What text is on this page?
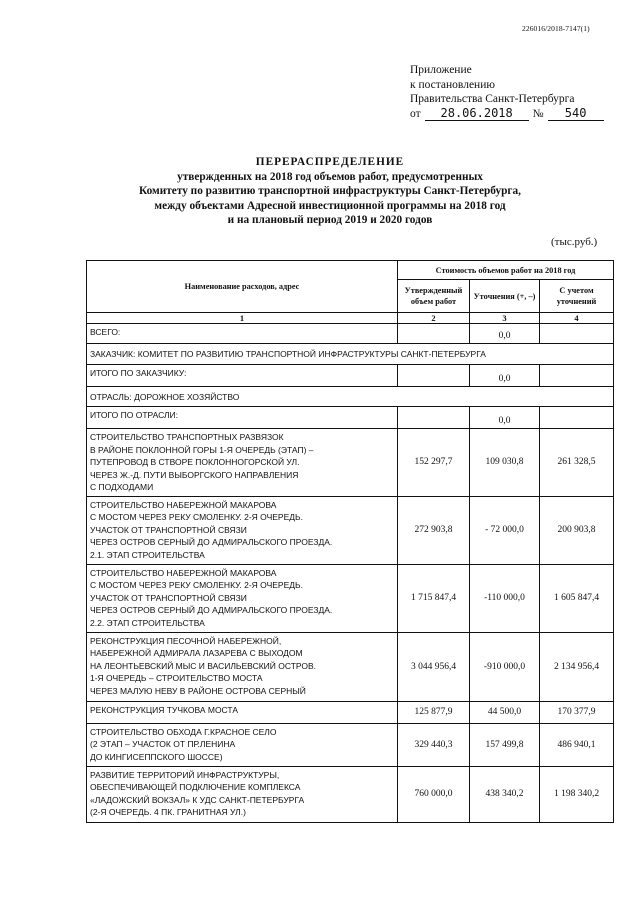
226016/2018-7147(1)
Приложение
к постановлению
Правительства Санкт-Петербурга
от 28.06.2018 № 540
ПЕРЕРАСПРЕДЕЛЕНИЕ
утвержденных на 2018 год объемов работ, предусмотренных
Комитету по развитию транспортной инфраструктуры Санкт-Петербурга,
между объектами Адресной инвестиционной программы на 2018 год
и на плановый период 2019 и 2020 годов
(тыс.руб.)
Наименование расходов, адрес	Стоимость объемов работ на 2018 год		
	Утвержденный объем работ	Уточнения (+, –)	С учетом уточнений
1	2	3	4
ВСЕГО:		0,0	
ЗАКАЗЧИК: КОМИТЕТ ПО РАЗВИТИЮ ТРАНСПОРТНОЙ ИНФРАСТРУКТУРЫ САНКТ-ПЕТЕРБУРГА			
ИТОГО ПО ЗАКАЗЧИКУ:		0,0	
ОТРАСЛЬ: ДОРОЖНОЕ ХОЗЯЙСТВО			
ИТОГО ПО ОТРАСЛИ:		0,0	

СТРОИТЕЛЬСТВО ТРАНСПОРТНЫХ РАЗВЯЗОК
В РАЙОНЕ ПОКЛОННОЙ ГОРЫ 1-Я ОЧЕРЕДЬ (ЭТАП) –
ПУТЕПРОВОД В СТВОРЕ ПОКЛОННОГОРСКОЙ УЛ.
ЧЕРЕЗ Ж.-Д. ПУТИ ВЫБОРГСКОГО НАПРАВЛЕНИЯ
С ПОДХОДАМИ	152 297,7	109 030,8	261 328,5

СТРОИТЕЛЬСТВО НАБЕРЕЖНОЙ МАКАРОВА
С МОСТОМ ЧЕРЕЗ РЕКУ СМОЛЕНКУ. 2-Я ОЧЕРЕДЬ.
УЧАСТОК ОТ ТРАНСПОРТНОЙ СВЯЗИ
ЧЕРЕЗ ОСТРОВ СЕРНЫЙ ДО АДМИРАЛЬСКОГО ПРОЕЗДА.
2.1. ЭТАП СТРОИТЕЛЬСТВА	272 903,8	- 72 000,0	200 903,8

СТРОИТЕЛЬСТВО НАБЕРЕЖНОЙ МАКАРОВА
С МОСТОМ ЧЕРЕЗ РЕКУ СМОЛЕНКУ. 2-Я ОЧЕРЕДЬ.
УЧАСТОК ОТ ТРАНСПОРТНОЙ СВЯЗИ
ЧЕРЕЗ ОСТРОВ СЕРНЫЙ ДО АДМИРАЛЬСКОГО ПРОЕЗДА.
2.2. ЭТАП СТРОИТЕЛЬСТВА	1 715 847,4	-110 000,0	1 605 847,4

РЕКОНСТРУКЦИЯ ПЕСОЧНОЙ НАБЕРЕЖНОЙ,
НАБЕРЕЖНОЙ АДМИРАЛА ЛАЗАРЕВА С ВЫХОДОМ
НА ЛЕОНТЬЕВСКИЙ МЫС И ВАСИЛЬЕВСКИЙ ОСТРОВ.
1-Я ОЧЕРЕДЬ – СТРОИТЕЛЬСТВО МОСТА
ЧЕРЕЗ МАЛУЮ НЕВУ В РАЙОНЕ ОСТРОВА СЕРНЫЙ	3 044 956,4	-910 000,0	2 134 956,4
РЕКОНСТРУКЦИЯ ТУЧКОВА МОСТА	125 877,9	44 500,0	170 377,9

СТРОИТЕЛЬСТВО ОБХОДА Г.КРАСНОЕ СЕЛО
(2 ЭТАП – УЧАСТОК ОТ ПР.ЛЕНИНА
ДО КИНГИСЕППСКОГО ШОССЕ)	329 440,3	157 499,8	486 940,1

РАЗВИТИЕ ТЕРРИТОРИЙ ИНФРАСТРУКТУРЫ,
ОБЕСПЕЧИВАЮЩЕЙ ПОДКЛЮЧЕНИЕ КОМПЛЕКСА
«ЛАДОЖСКИЙ ВОКЗАЛ» К УДС САНКТ-ПЕТЕРБУРГА
(2-Я ОЧЕРЕДЬ. 4 ПК. ГРАНИТНАЯ УЛ.)	760 000,0	438 340,2	1 198 340,2
